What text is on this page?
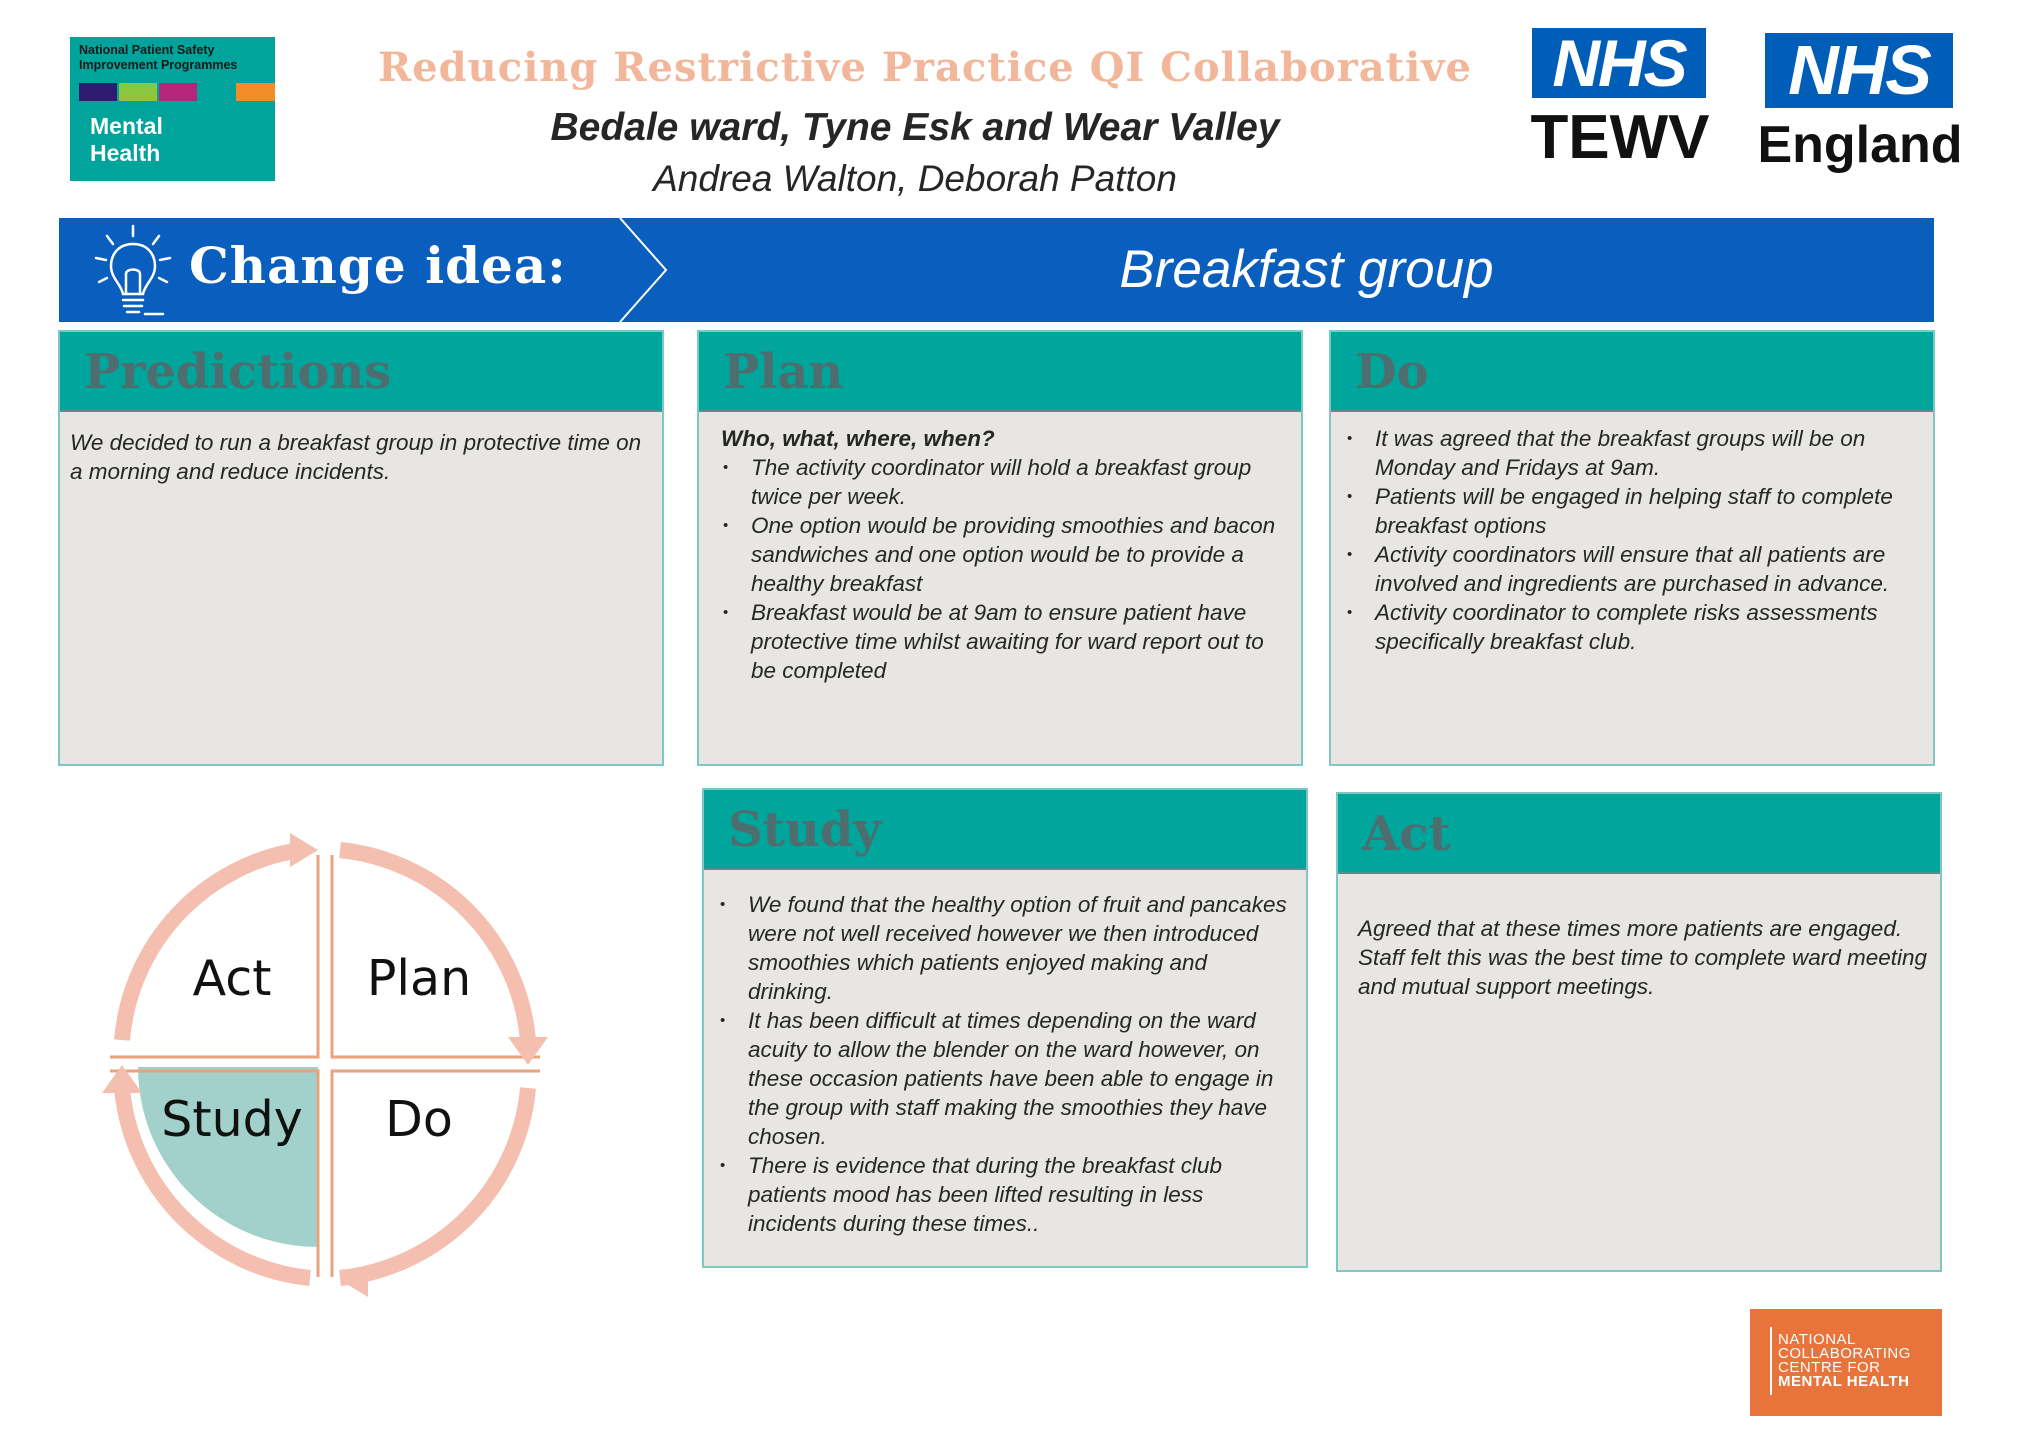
National Patient Safety
Improvement Programmes
Mental
Health
Reducing Restrictive Practice QI Collaborative
Bedale ward, Tyne Esk and Wear Valley
Andrea Walton, Deborah Patton
NHS
TEWV
NHS
England
Change idea:	Breakfast group
Predictions
We decided to run a breakfast group in protective time on a morning and reduce incidents.
Plan
Who, what, where, when?
• The activity coordinator will hold a breakfast group twice per week.
• One option would be providing smoothies and bacon sandwiches and one option would be to provide a healthy breakfast
• Breakfast would be at 9am to ensure patient have protective time whilst awaiting for ward report out to be completed
Do
• It was agreed that the breakfast groups will be on Monday and Fridays at 9am.
• Patients will be engaged in helping staff to complete breakfast options
• Activity coordinators will ensure that all patients are involved and ingredients are purchased in advance.
• Activity coordinator to complete risks assessments specifically breakfast club.
Study
• We found that the healthy option of fruit and pancakes were not well received however we then introduced smoothies which patients enjoyed making and drinking.
• It has been difficult at times depending on the ward acuity to allow the blender on the ward however, on these occasion patients have been able to engage in the group with staff making the smoothies they have chosen.
• There is evidence that during the breakfast club patients mood has been lifted resulting in less incidents during these times..
Act
Agreed that at these times more patients are engaged. Staff felt this was the best time to complete ward meeting and mutual support meetings.
Act Plan
Study Do
NATIONAL
COLLABORATING
CENTRE FOR
MENTAL HEALTH
